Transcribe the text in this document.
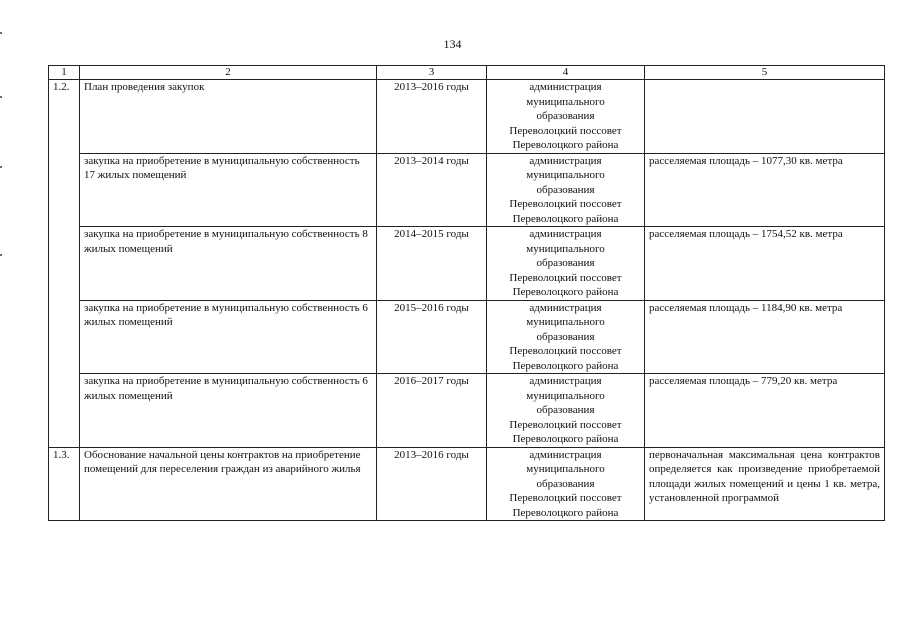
134
1	2	3	4	5
1.2.	План проведения закупок	2013–2016 годы	администрация
муниципального
образования
Переволоцкий поссовет
Переволоцкого района	

	закупка на приобретение в муниципальную собственность 17 жилых помещений	2013–2014 годы	администрация
муниципального
образования
Переволоцкий поссовет
Переволоцкого района	расселяемая площадь – 1077,30 кв. метра
	закупка на приобретение в муниципальную собственность 8 жилых помещений	2014–2015 годы	администрация
муниципального
образования
Переволоцкий поссовет
Переволоцкого района	расселяемая площадь – 1754,52 кв. метра
	закупка на приобретение в муниципальную собственность 6 жилых помещений	2015–2016 годы	администрация
муниципального
образования
Переволоцкий поссовет
Переволоцкого района	расселяемая площадь – 1184,90 кв. метра
	закупка на приобретение в муниципальную собственность 6 жилых помещений	2016–2017 годы	администрация
муниципального
образования
Переволоцкий поссовет
Переволоцкого района	расселяемая площадь – 779,20 кв. метра
1.3.	Обоснование начальной цены контрактов на приобретение помещений для переселения граждан из аварийного жилья	2013–2016 годы	администрация
муниципального
образования
Переволоцкий поссовет
Переволоцкого района	первоначальная максимальная цена контрактов определяется как произведение приобретаемой площади жилых помещений и цены 1 кв. метра, установленной программой
